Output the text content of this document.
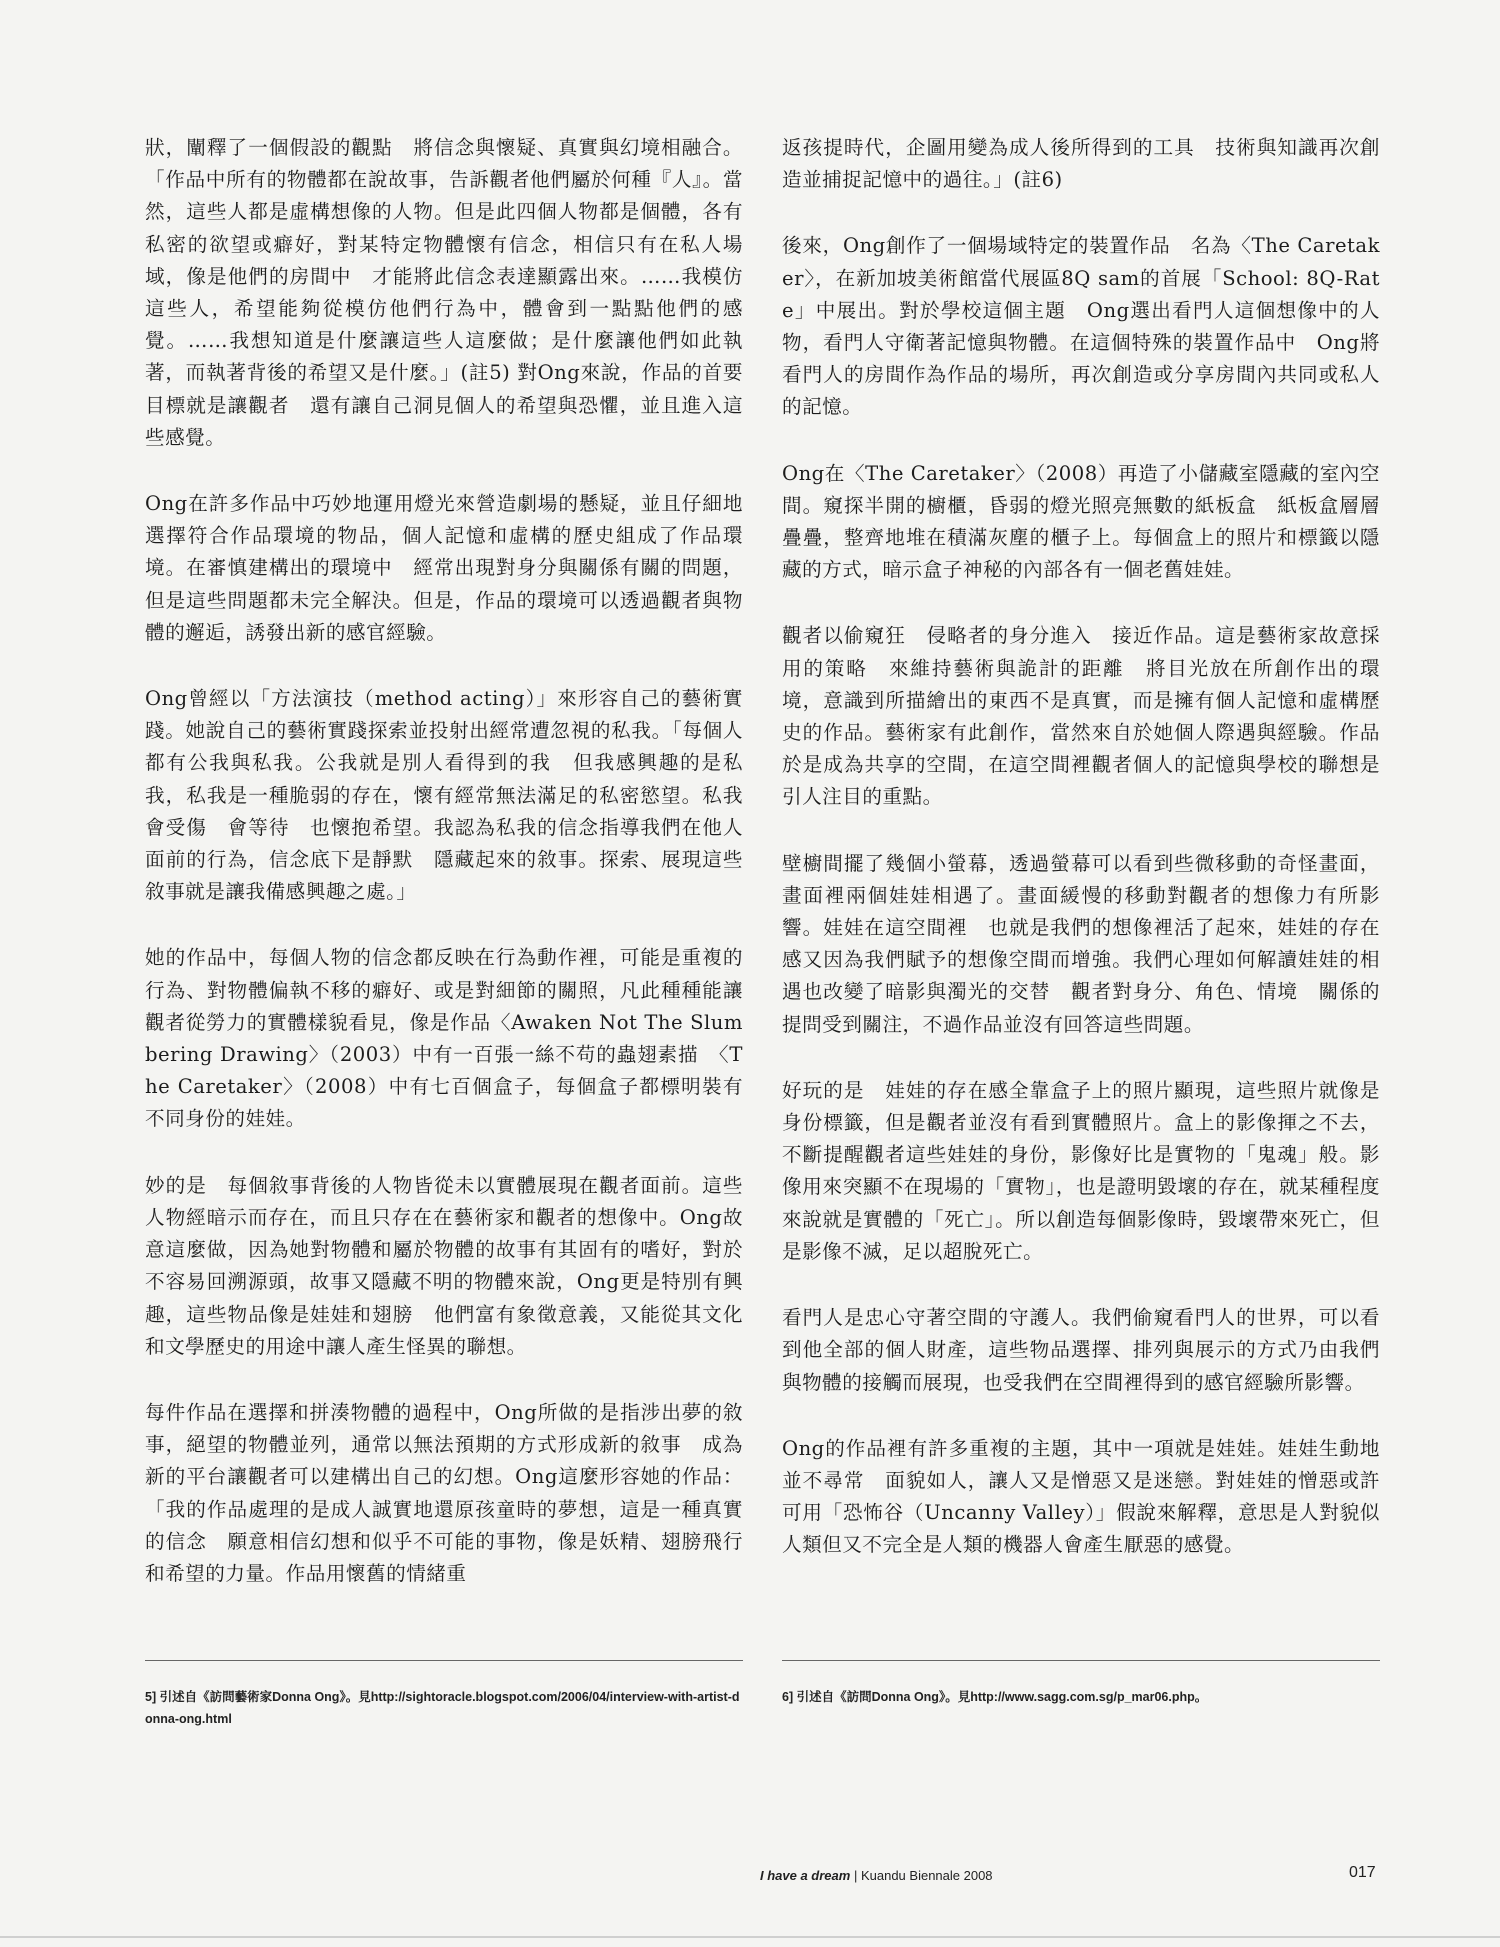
狀，闡釋了一個假設的觀點　將信念與懷疑、真實與幻境相融合。「作品中所有的物體都在說故事，告訴觀者他們屬於何種『人』。當然，這些人都是虛構想像的人物。但是此四個人物都是個體，各有私密的欲望或癖好，對某特定物體懷有信念，相信只有在私人場域，像是他們的房間中　才能將此信念表達顯露出來。……我模仿這些人，希望能夠從模仿他們行為中，體會到一點點他們的感覺。……我想知道是什麼讓這些人這麼做；是什麼讓他們如此執著，而執著背後的希望又是什麼。」(註5) 對Ong來說，作品的首要目標就是讓觀者　還有讓自己洞見個人的希望與恐懼，並且進入這些感覺。

Ong在許多作品中巧妙地運用燈光來營造劇場的懸疑，並且仔細地選擇符合作品環境的物品，個人記憶和虛構的歷史組成了作品環境。在審慎建構出的環境中　經常出現對身分與關係有關的問題，但是這些問題都未完全解決。但是，作品的環境可以透過觀者與物體的邂逅，誘發出新的感官經驗。

Ong曾經以「方法演技（method acting）」來形容自己的藝術實踐。她說自己的藝術實踐探索並投射出經常遭忽視的私我。「每個人都有公我與私我。公我就是別人看得到的我　但我感興趣的是私我，私我是一種脆弱的存在，懷有經常無法滿足的私密慾望。私我會受傷　會等待　也懷抱希望。我認為私我的信念指導我們在他人面前的行為，信念底下是靜默　隱藏起來的敘事。探索、展現這些敘事就是讓我備感興趣之處。」

她的作品中，每個人物的信念都反映在行為動作裡，可能是重複的行為、對物體偏執不移的癖好、或是對細節的關照，凡此種種能讓觀者從勞力的實體樣貌看見，像是作品〈Awaken Not The Slumbering Drawing〉（2003）中有一百張一絲不苟的蟲翅素描　〈The Caretaker〉（2008）中有七百個盒子，每個盒子都標明裝有不同身份的娃娃。

妙的是　每個敘事背後的人物皆從未以實體展現在觀者面前。這些人物經暗示而存在，而且只存在在藝術家和觀者的想像中。Ong故意這麼做，因為她對物體和屬於物體的故事有其固有的嗜好，對於不容易回溯源頭，故事又隱藏不明的物體來說，Ong更是特別有興趣，這些物品像是娃娃和翅膀　他們富有象徵意義，又能從其文化和文學歷史的用途中讓人產生怪異的聯想。

每件作品在選擇和拼湊物體的過程中，Ong所做的是指涉出夢的敘事，絕望的物體並列，通常以無法預期的方式形成新的敘事　成為新的平台讓觀者可以建構出自己的幻想。Ong這麼形容她的作品：「我的作品處理的是成人誠實地還原孩童時的夢想，這是一種真實的信念　願意相信幻想和似乎不可能的事物，像是妖精、翅膀飛行和希望的力量。作品用懷舊的情緒重

返孩提時代，企圖用變為成人後所得到的工具　技術與知識再次創造並捕捉記憶中的過往。」(註6)

後來，Ong創作了一個場域特定的裝置作品　名為〈The Caretaker〉，在新加坡美術館當代展區8Q sam的首展「School: 8Q-Rate」中展出。對於學校這個主題　Ong選出看門人這個想像中的人物，看門人守衛著記憶與物體。在這個特殊的裝置作品中　Ong將看門人的房間作為作品的場所，再次創造或分享房間內共同或私人的記憶。

Ong在〈The Caretaker〉（2008）再造了小儲藏室隱藏的室內空間。窺探半開的櫥櫃，昏弱的燈光照亮無數的紙板盒　紙板盒層層疊疊，整齊地堆在積滿灰塵的櫃子上。每個盒上的照片和標籤以隱藏的方式，暗示盒子神秘的內部各有一個老舊娃娃。

觀者以偷窺狂　侵略者的身分進入　接近作品。這是藝術家故意採用的策略　來維持藝術與詭計的距離　將目光放在所創作出的環境，意識到所描繪出的東西不是真實，而是擁有個人記憶和虛構歷史的作品。藝術家有此創作，當然來自於她個人際遇與經驗。作品於是成為共享的空間，在這空間裡觀者個人的記憶與學校的聯想是引人注目的重點。

壁櫥間擺了幾個小螢幕，透過螢幕可以看到些微移動的奇怪畫面，畫面裡兩個娃娃相遇了。畫面緩慢的移動對觀者的想像力有所影響。娃娃在這空間裡　也就是我們的想像裡活了起來，娃娃的存在感又因為我們賦予的想像空間而增強。我們心理如何解讀娃娃的相遇也改變了暗影與濁光的交替　觀者對身分、角色、情境　關係的提問受到關注，不過作品並沒有回答這些問題。

好玩的是　娃娃的存在感全靠盒子上的照片顯現，這些照片就像是身份標籤，但是觀者並沒有看到實體照片。盒上的影像揮之不去，不斷提醒觀者這些娃娃的身份，影像好比是實物的「鬼魂」般。影像用來突顯不在現場的「實物」，也是證明毀壞的存在，就某種程度來說就是實體的「死亡」。所以創造每個影像時，毀壞帶來死亡，但是影像不滅，足以超脫死亡。

看門人是忠心守著空間的守護人。我們偷窺看門人的世界，可以看到他全部的個人財產，這些物品選擇、排列與展示的方式乃由我們與物體的接觸而展現，也受我們在空間裡得到的感官經驗所影響。

Ong的作品裡有許多重複的主題，其中一項就是娃娃。娃娃生動地並不尋常　面貌如人，讓人又是憎惡又是迷戀。對娃娃的憎惡或許可用「恐怖谷（Uncanny Valley）」假說來解釋，意思是人對貌似人類但又不完全是人類的機器人會產生厭惡的感覺。

5] 引述自《訪問藝術家Donna Ong》。見http://sightoracle.blogspot.com/2006/04/interview-with-artist-donna-ong.html
6] 引述自《訪問Donna Ong》。見http://www.sagg.com.sg/p_mar06.php。
I have a dream | Kuandu Biennale 2008	017
